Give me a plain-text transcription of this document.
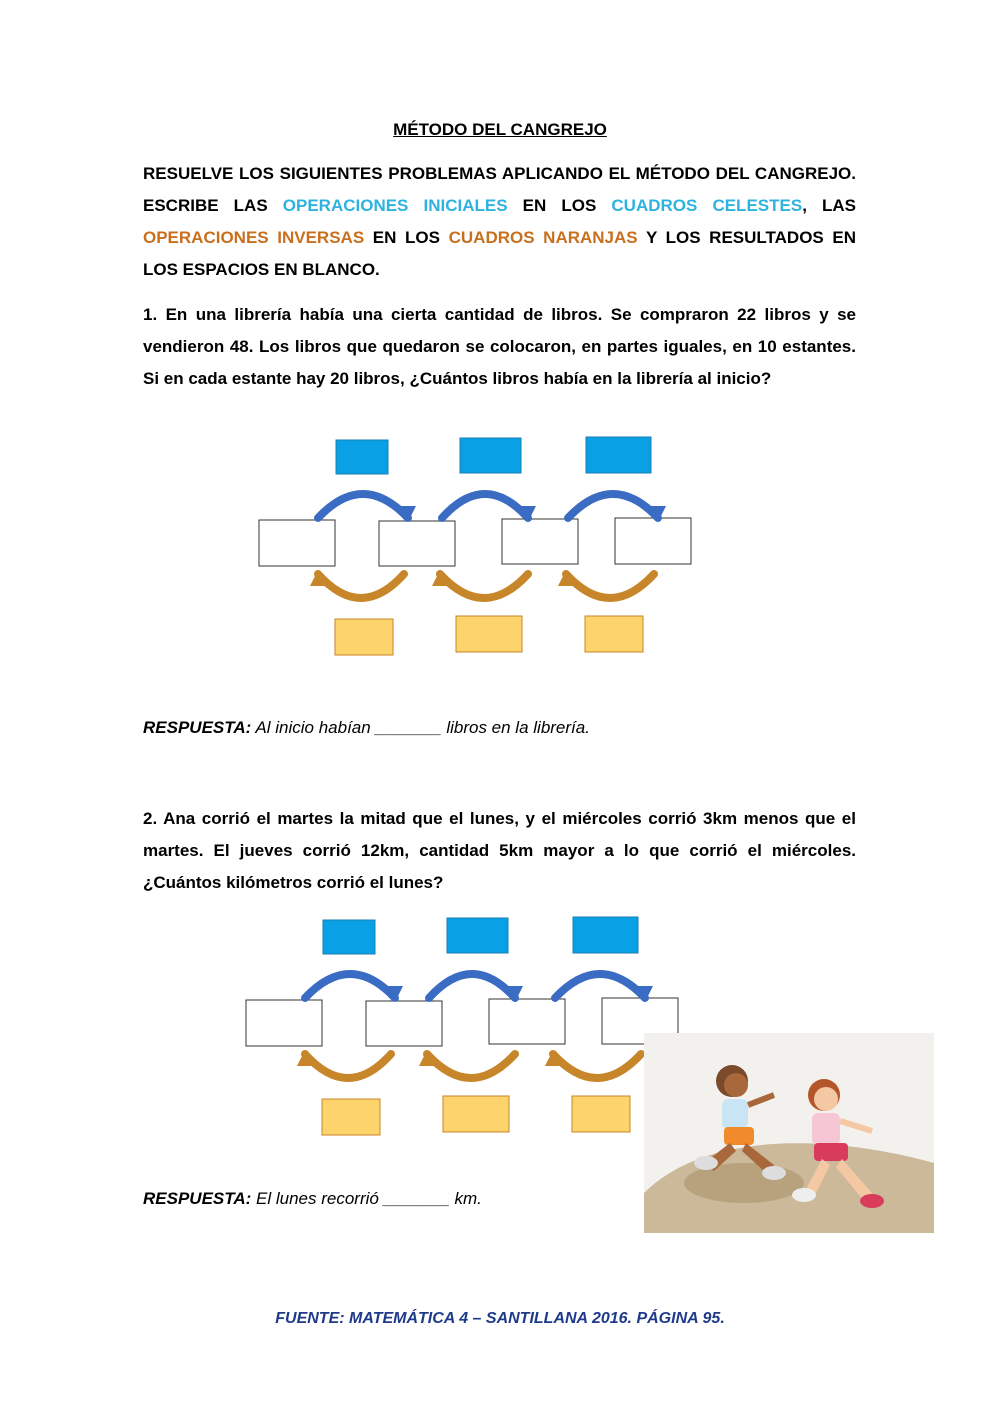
MÉTODO DEL CANGREJO
RESUELVE LOS SIGUIENTES PROBLEMAS APLICANDO EL MÉTODO DEL CANGREJO. ESCRIBE LAS OPERACIONES INICIALES EN LOS CUADROS CELESTES, LAS OPERACIONES INVERSAS EN LOS CUADROS NARANJAS Y LOS RESULTADOS EN LOS ESPACIOS EN BLANCO.
1. En una librería había una cierta cantidad de libros. Se compraron 22 libros y se vendieron 48. Los libros que quedaron se colocaron, en partes iguales, en 10 estantes. Si en cada estante hay 20 libros, ¿Cuántos libros había en la librería al inicio?
RESPUESTA: Al inicio habían _______ libros en la librería.
2. Ana corrió el martes la mitad que el lunes, y el miércoles corrió 3km menos que el martes. El jueves corrió 12km, cantidad 5km mayor a lo que corrió el miércoles. ¿Cuántos kilómetros corrió el lunes?
RESPUESTA: El lunes recorrió _______ km.
FUENTE: MATEMÁTICA 4 – SANTILLANA 2016. PÁGINA 95.
